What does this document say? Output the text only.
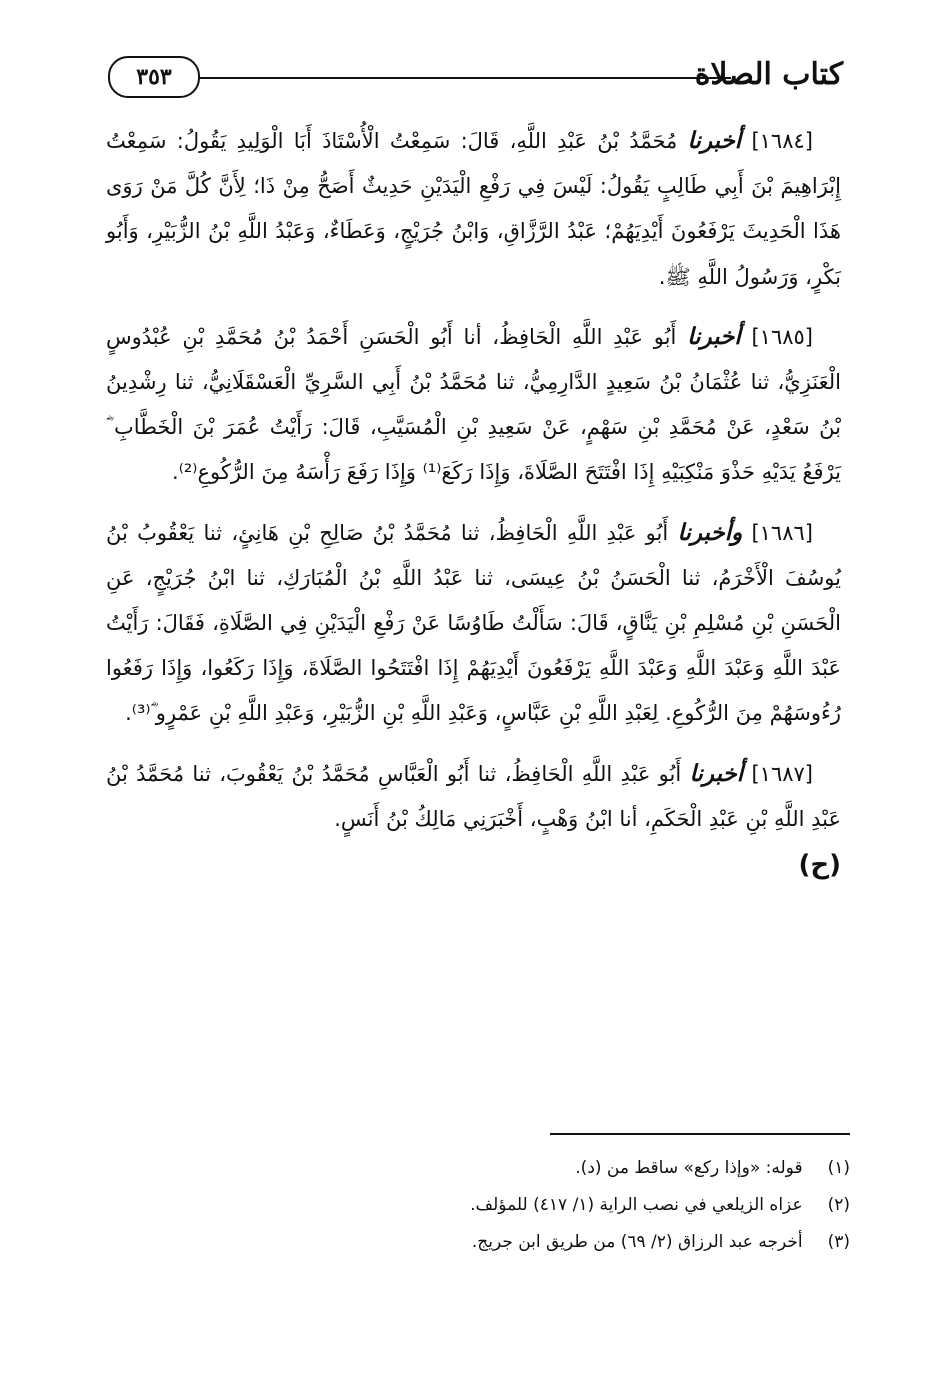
كتاب الصلاة
٣٥٣

[١٦٨٤] أخبرنا مُحَمَّدُ بْنُ عَبْدِ اللَّهِ، قَالَ: سَمِعْتُ الْأُسْتَاذَ أَبَا الْوَلِيدِ يَقُولُ: سَمِعْتُ إِبْرَاهِيمَ بْنَ أَبِي طَالِبٍ يَقُولُ: لَيْسَ فِي رَفْعِ الْيَدَيْنِ حَدِيثٌ أَصَحُّ مِنْ ذَا؛ لِأَنَّ كُلَّ مَنْ رَوَى هَذَا الْحَدِيثَ يَرْفَعُونَ أَيْدِيَهُمْ؛ عَبْدُ الرَّزَّاقِ، وَابْنُ جُرَيْجٍ، وَعَطَاءٌ، وَعَبْدُ اللَّهِ بْنُ الزُّبَيْرِ، وَأَبُو بَكْرٍ، وَرَسُولُ اللَّهِ ﷺ.

[١٦٨٥] أخبرنا أَبُو عَبْدِ اللَّهِ الْحَافِظُ، أنا أَبُو الْحَسَنِ أَحْمَدُ بْنُ مُحَمَّدِ بْنِ عُبْدُوسٍ الْعَنَزِيُّ، ثنا عُثْمَانُ بْنُ سَعِيدٍ الدَّارِمِيُّ، ثنا مُحَمَّدُ بْنُ أَبِي السَّرِيِّ الْعَسْقَلَانِيُّ، ثنا رِشْدِينُ بْنُ سَعْدٍ، عَنْ مُحَمَّدِ بْنِ سَهْمٍ، عَنْ سَعِيدِ بْنِ الْمُسَيَّبِ، قَالَ: رَأَيْتُ عُمَرَ بْنَ الْخَطَّابِ ؓ يَرْفَعُ يَدَيْهِ حَذْوَ مَنْكِبَيْهِ إِذَا افْتَتَحَ الصَّلَاةَ، وَإِذَا رَكَعَ⁽¹⁾ وَإِذَا رَفَعَ رَأْسَهُ مِنَ الرُّكُوعِ⁽²⁾.

[١٦٨٦] وأخبرنا أَبُو عَبْدِ اللَّهِ الْحَافِظُ، ثنا مُحَمَّدُ بْنُ صَالِحِ بْنِ هَانِئٍ، ثنا يَعْقُوبُ بْنُ يُوسُفَ الْأَخْرَمُ، ثنا الْحَسَنُ بْنُ عِيسَى، ثنا عَبْدُ اللَّهِ بْنُ الْمُبَارَكِ، ثنا ابْنُ جُرَيْجٍ، عَنِ الْحَسَنِ بْنِ مُسْلِمِ بْنِ يَنَّاقٍ، قَالَ: سَأَلْتُ طَاوُسًا عَنْ رَفْعِ الْيَدَيْنِ فِي الصَّلَاةِ، فَقَالَ: رَأَيْتُ عَبْدَ اللَّهِ وَعَبْدَ اللَّهِ وَعَبْدَ اللَّهِ يَرْفَعُونَ أَيْدِيَهُمْ إِذَا افْتَتَحُوا الصَّلَاةَ، وَإِذَا رَكَعُوا، وَإِذَا رَفَعُوا رُءُوسَهُمْ مِنَ الرُّكُوعِ. لِعَبْدِ اللَّهِ بْنِ عَبَّاسٍ، وَعَبْدِ اللَّهِ بْنِ الزُّبَيْرِ، وَعَبْدِ اللَّهِ بْنِ عَمْرٍو ؓ⁽³⁾.

[١٦٨٧] أخبرنا أَبُو عَبْدِ اللَّهِ الْحَافِظُ، ثنا أَبُو الْعَبَّاسِ مُحَمَّدُ بْنُ يَعْقُوبَ، ثنا مُحَمَّدُ بْنُ عَبْدِ اللَّهِ بْنِ عَبْدِ الْحَكَمِ، أنا ابْنُ وَهْبٍ، أَخْبَرَنِي مَالِكُ بْنُ أَنَسٍ.

(ح)
(١) قوله: «وإذا ركع» ساقط من (د).
(٢) عزاه الزيلعي في نصب الراية (١/ ٤١٧) للمؤلف.
(٣) أخرجه عبد الرزاق (٢/ ٦٩) من طريق ابن جريج.
